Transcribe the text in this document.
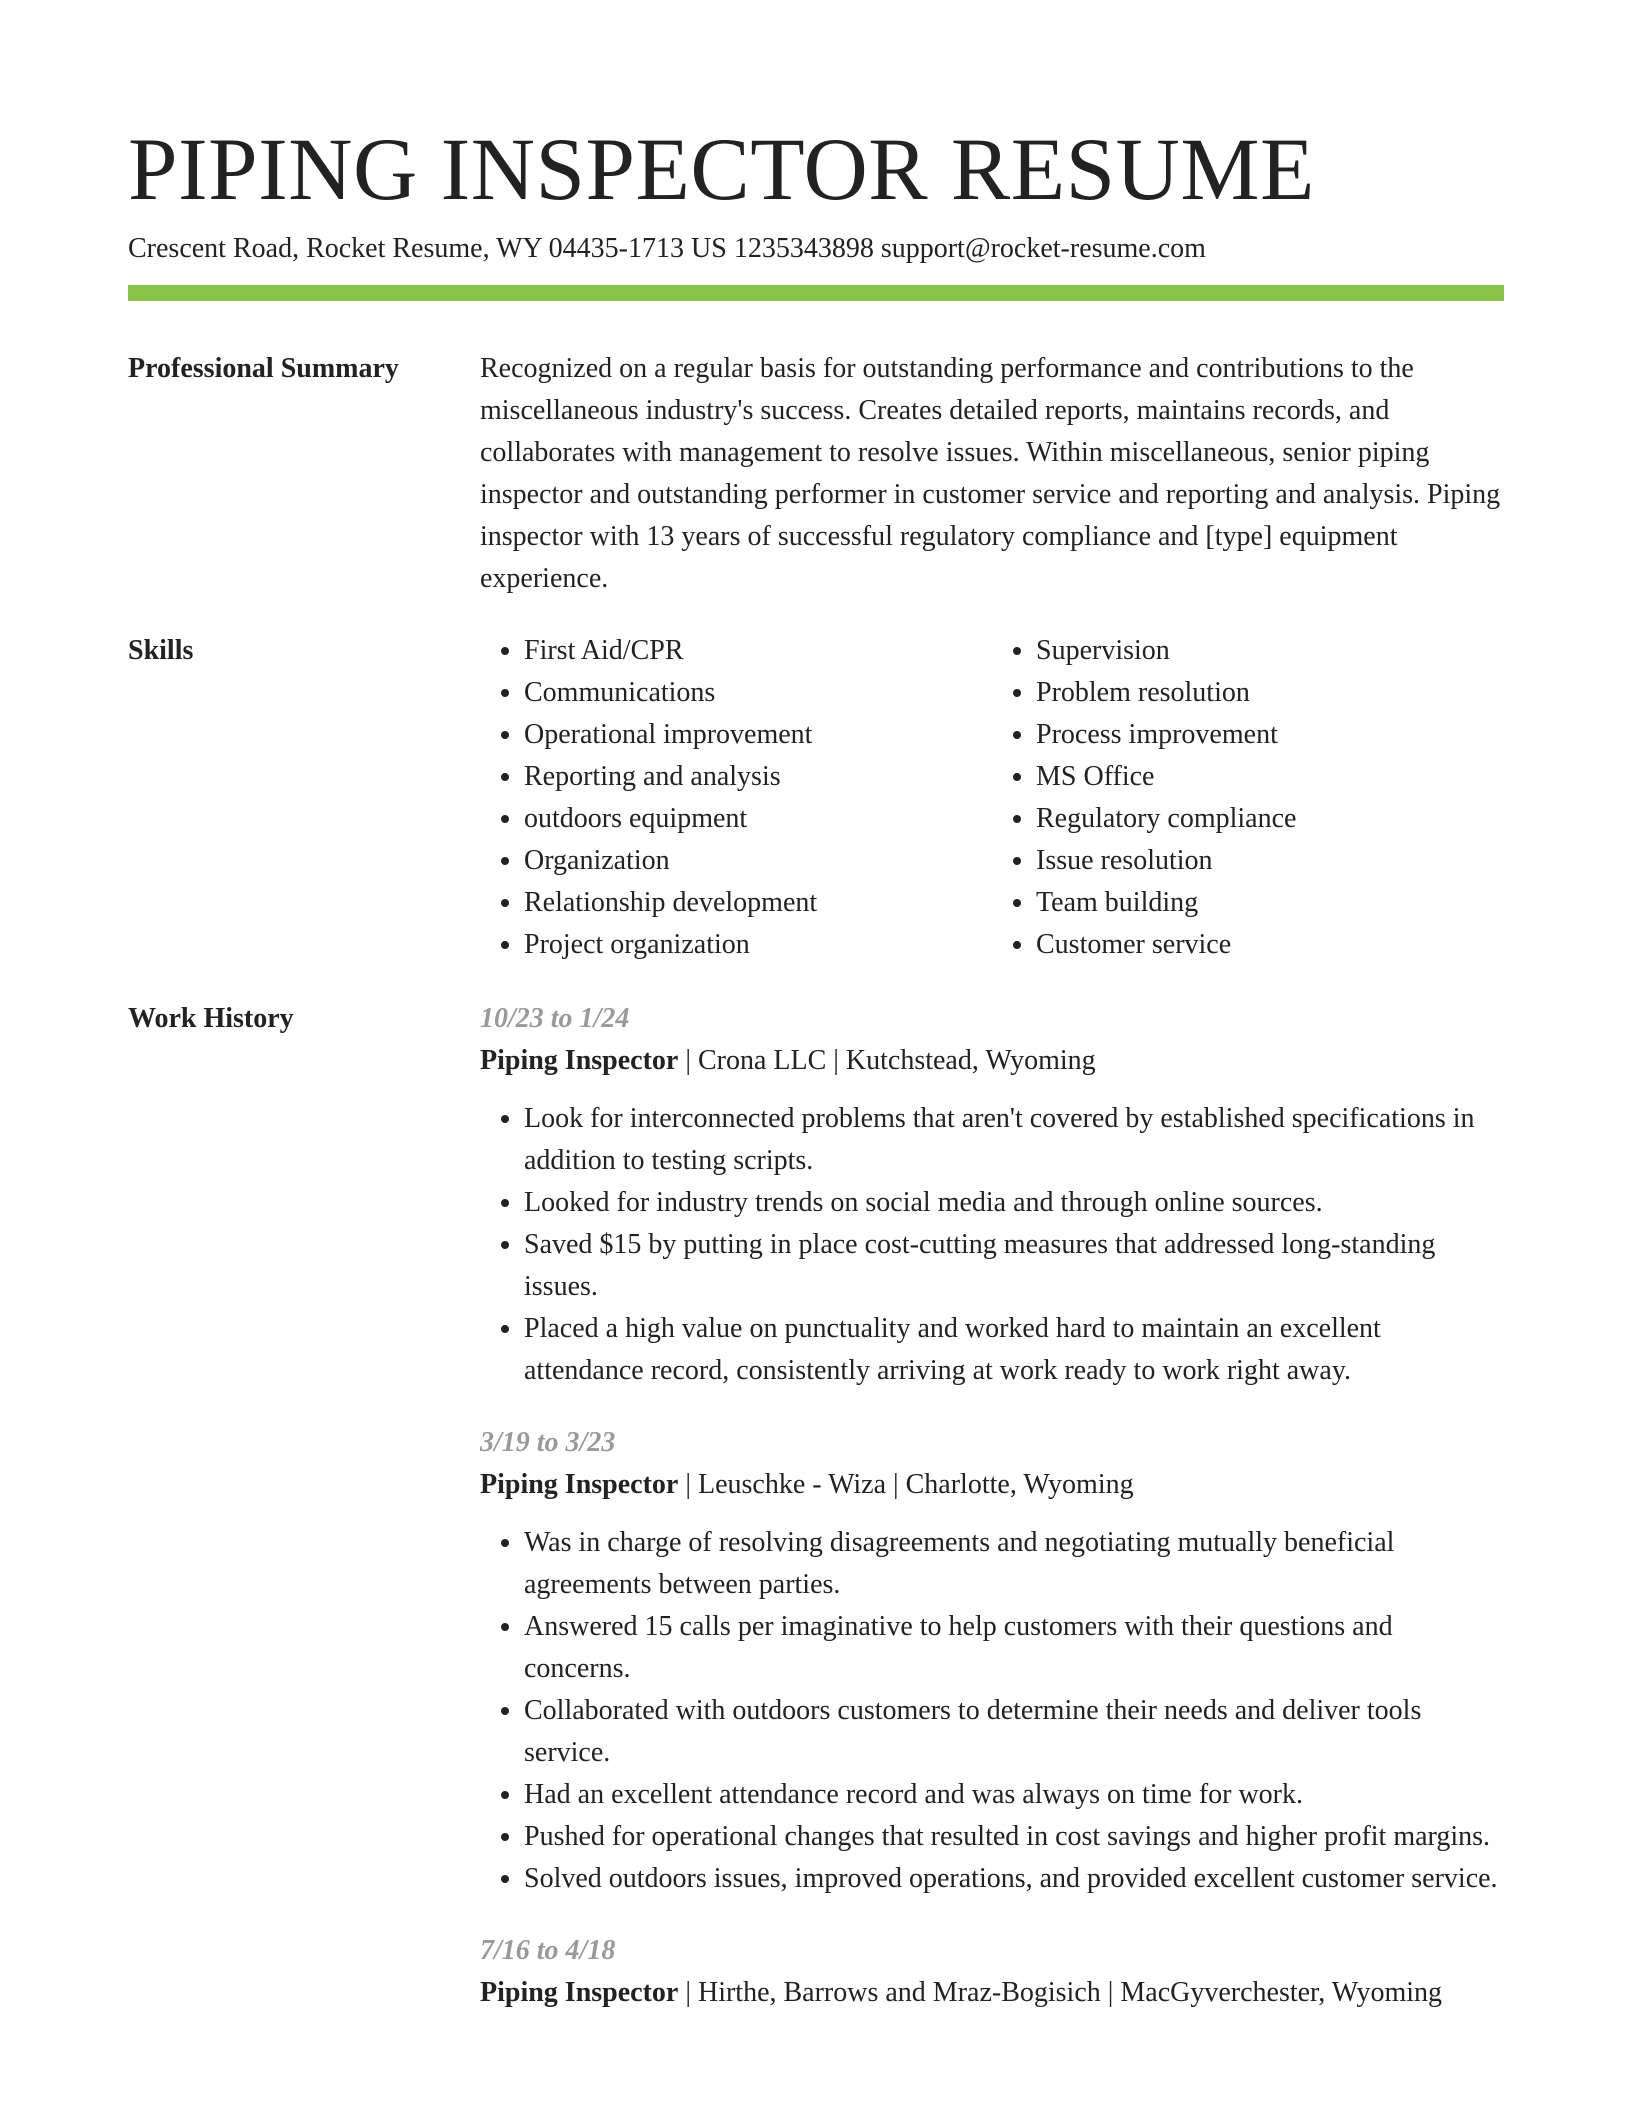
PIPING INSPECTOR RESUME
Crescent Road, Rocket Resume, WY 04435-1713 US 1235343898 support@rocket-resume.com
Professional Summary	Recognized on a regular basis for outstanding performance and contributions to the miscellaneous industry's success. Creates detailed reports, maintains records, and collaborates with management to resolve issues. Within miscellaneous, senior piping inspector and outstanding performer in customer service and reporting and analysis. Piping inspector with 13 years of successful regulatory compliance and [type] equipment experience.

Skills
•	First Aid/CPR
• Communications
• Operational improvement
• Reporting and analysis
• outdoors equipment
• Organization
• Relationship development
• Project organization
• Supervision
• Problem resolution
• Process improvement
• MS Office
• Regulatory compliance
• Issue resolution
• Team building
• Customer service
Work History	10/23 to 1/24
Piping Inspector | Crona LLC | Kutchstead, Wyoming
• Look for interconnected problems that aren't covered by established specifications in addition to testing scripts.
• Looked for industry trends on social media and through online sources.
• Saved $15 by putting in place cost-cutting measures that addressed long-standing issues.
• Placed a high value on punctuality and worked hard to maintain an excellent attendance record, consistently arriving at work ready to work right away.
3/19 to 3/23
Piping Inspector | Leuschke - Wiza | Charlotte, Wyoming
• Was in charge of resolving disagreements and negotiating mutually beneficial agreements between parties.
• Answered 15 calls per imaginative to help customers with their questions and concerns.
• Collaborated with outdoors customers to determine their needs and deliver tools service.
• Had an excellent attendance record and was always on time for work.
• Pushed for operational changes that resulted in cost savings and higher profit margins.
• Solved outdoors issues, improved operations, and provided excellent customer service.
7/16 to 4/18
Piping Inspector | Hirthe, Barrows and Mraz-Bogisich | MacGyverchester, Wyoming
